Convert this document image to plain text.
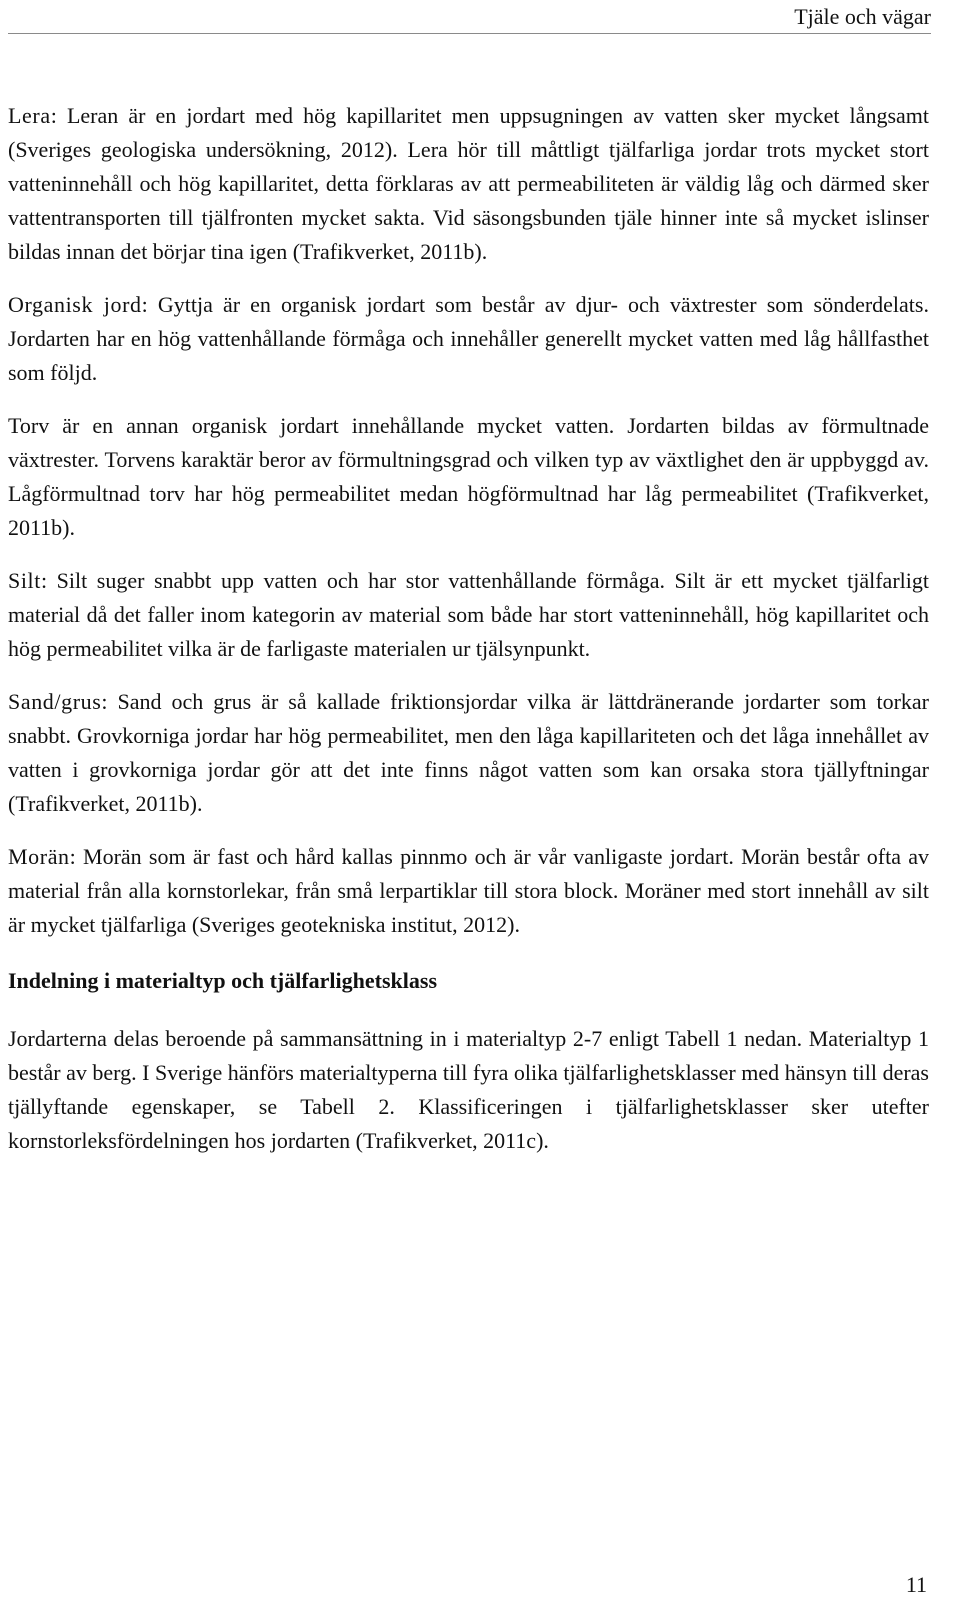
Tjäle och vägar

Lera: Leran är en jordart med hög kapillaritet men uppsugningen av vatten sker mycket långsamt (Sveriges geologiska undersökning, 2012). Lera hör till måttligt tjälfarliga jordar trots mycket stort vatteninnehåll och hög kapillaritet, detta förklaras av att permeabiliteten är väldig låg och därmed sker vattentransporten till tjälfronten mycket sakta. Vid säsongsbunden tjäle hinner inte så mycket islinser bildas innan det börjar tina igen (Trafikverket, 2011b).

Organisk jord: Gyttja är en organisk jordart som består av djur- och växtrester som sönderdelats. Jordarten har en hög vattenhållande förmåga och innehåller generellt mycket vatten med låg hållfasthet som följd.

Torv är en annan organisk jordart innehållande mycket vatten. Jordarten bildas av förmultnade växtrester. Torvens karaktär beror av förmultningsgrad och vilken typ av växtlighet den är uppbyggd av. Lågförmultnad torv har hög permeabilitet medan högförmultnad har låg permeabilitet (Trafikverket, 2011b).

Silt: Silt suger snabbt upp vatten och har stor vattenhållande förmåga. Silt är ett mycket tjälfarligt material då det faller inom kategorin av material som både har stort vatteninnehåll, hög kapillaritet och hög permeabilitet vilka är de farligaste materialen ur tjälsynpunkt.

Sand/grus: Sand och grus är så kallade friktionsjordar vilka är lättdränerande jordarter som torkar snabbt. Grovkorniga jordar har hög permeabilitet, men den låga kapillariteten och det låga innehållet av vatten i grovkorniga jordar gör att det inte finns något vatten som kan orsaka stora tjällyftningar (Trafikverket, 2011b).

Morän: Morän som är fast och hård kallas pinnmo och är vår vanligaste jordart. Morän består ofta av material från alla kornstorlekar, från små lerpartiklar till stora block. Moräner med stort innehåll av silt är mycket tjälfarliga (Sveriges geotekniska institut, 2012).

Indelning i materialtyp och tjälfarlighetsklass

Jordarterna delas beroende på sammansättning in i materialtyp 2-7 enligt Tabell 1 nedan. Materialtyp 1 består av berg. I Sverige hänförs materialtyperna till fyra olika tjälfarlighetsklasser med hänsyn till deras tjällyftande egenskaper, se Tabell 2. Klassificeringen i tjälfarlighetsklasser sker utefter kornstorleksfördelningen hos jordarten (Trafikverket, 2011c).

11
